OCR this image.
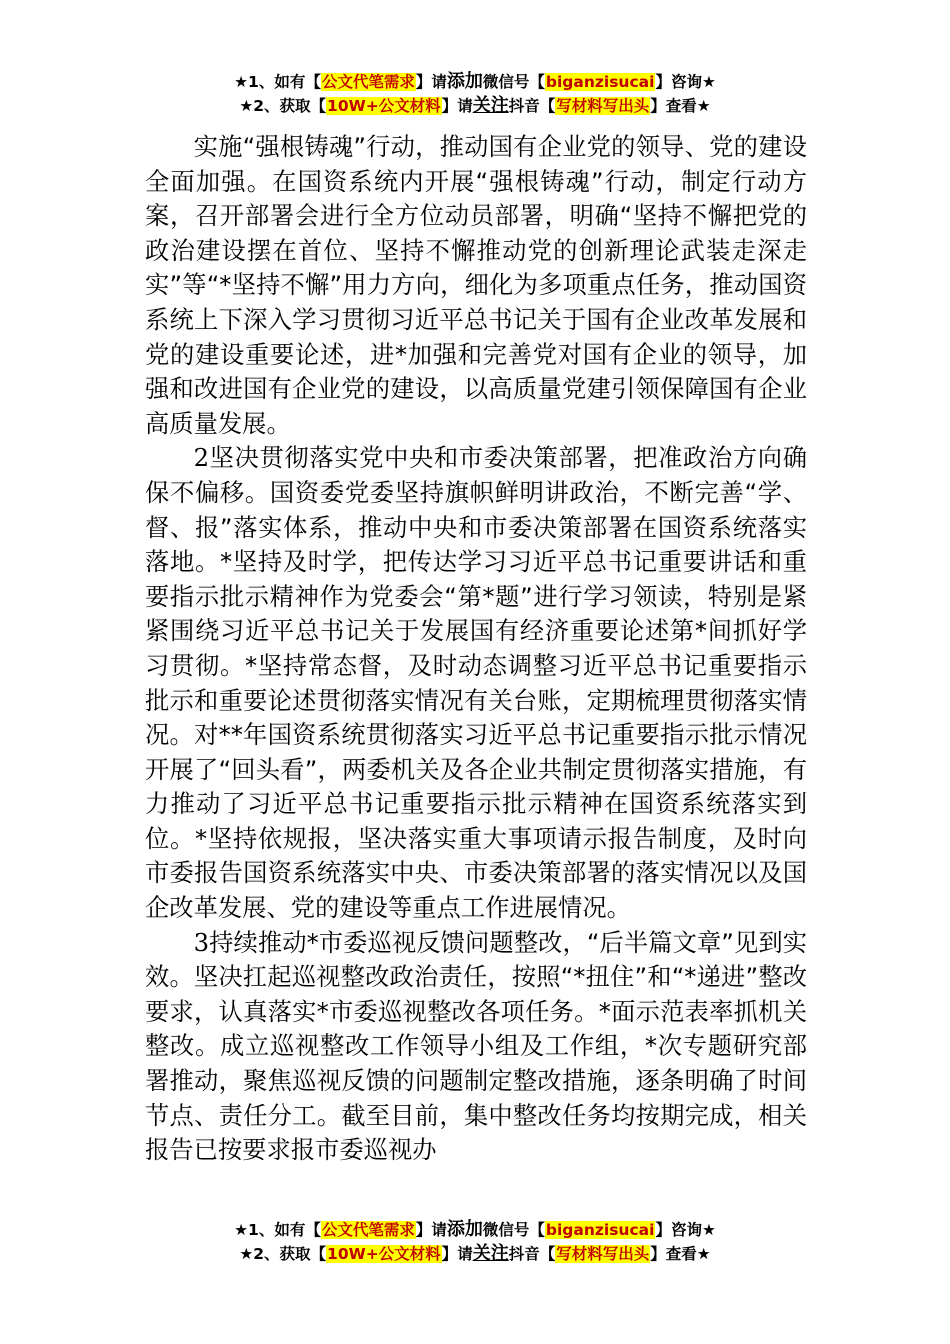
★1、如有【公文代笔需求】请添加微信号【biganzisucai】咨询★
★2、获取【10W+公文材料】请关注抖音【写材料写出头】查看★

实施“强根铸魂”行动，推动国有企业党的领导、党的建设全面加强。在国资系统内开展“强根铸魂”行动，制定行动方案，召开部署会进行全方位动员部署，明确“坚持不懈把党的政治建设摆在首位、坚持不懈推动党的创新理论武装走深走实”等“*坚持不懈”用力方向，细化为多项重点任务，推动国资系统上下深入学习贯彻习近平总书记关于国有企业改革发展和党的建设重要论述，进*加强和完善党对国有企业的领导，加强和改进国有企业党的建设，以高质量党建引领保障国有企业高质量发展。

2坚决贯彻落实党中央和市委决策部署，把准政治方向确保不偏移。国资委党委坚持旗帜鲜明讲政治，不断完善“学、督、报”落实体系，推动中央和市委决策部署在国资系统落实落地。*坚持及时学，把传达学习习近平总书记重要讲话和重要指示批示精神作为党委会“第*题”进行学习领读，特别是紧紧围绕习近平总书记关于发展国有经济重要论述第*间抓好学习贯彻。*坚持常态督，及时动态调整习近平总书记重要指示批示和重要论述贯彻落实情况有关台账，定期梳理贯彻落实情况。对**年国资系统贯彻落实习近平总书记重要指示批示情况开展了“回头看”，两委机关及各企业共制定贯彻落实措施，有力推动了习近平总书记重要指示批示精神在国资系统落实到位。*坚持依规报，坚决落实重大事项请示报告制度，及时向市委报告国资系统落实中央、市委决策部署的落实情况以及国企改革发展、党的建设等重点工作进展情况。

3持续推动*市委巡视反馈问题整改，“后半篇文章”见到实效。坚决扛起巡视整改政治责任，按照“*扭住”和“*递进”整改要求，认真落实*市委巡视整改各项任务。*面示范表率抓机关整改。成立巡视整改工作领导小组及工作组，*次专题研究部署推动，聚焦巡视反馈的问题制定整改措施，逐条明确了时间节点、责任分工。截至目前，集中整改任务均按期完成，相关报告已按要求报市委巡视办

★1、如有【公文代笔需求】请添加微信号【biganzisucai】咨询★
★2、获取【10W+公文材料】请关注抖音【写材料写出头】查看★
